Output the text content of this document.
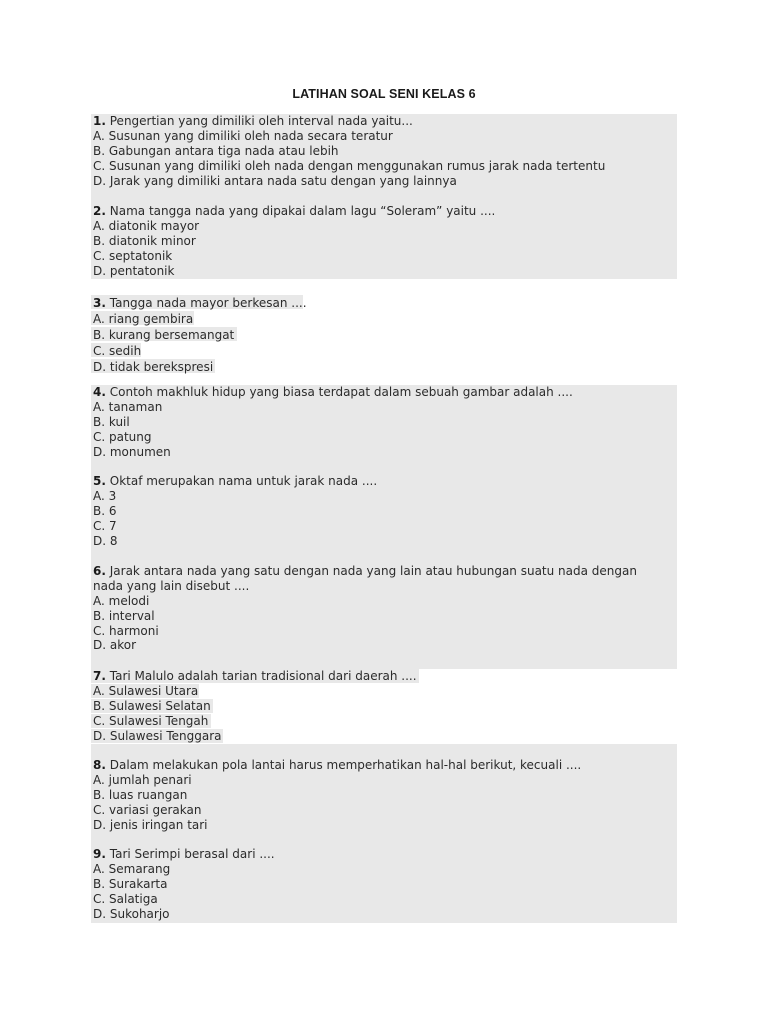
LATIHAN SOAL SENI KELAS 6
1. Pengertian yang dimiliki oleh interval nada yaitu...
A. Susunan yang dimiliki oleh nada secara teratur
B. Gabungan antara tiga nada atau lebih
C. Susunan yang dimiliki oleh nada dengan menggunakan rumus jarak nada tertentu
D. Jarak yang dimiliki antara nada satu dengan yang lainnya
2. Nama tangga nada yang dipakai dalam lagu “Soleram” yaitu ....
A. diatonik mayor
B. diatonik minor
C. septatonik
D. pentatonik
3. Tangga nada mayor berkesan ....
A. riang gembira
B. kurang bersemangat
C. sedih
D. tidak berekspresi
4. Contoh makhluk hidup yang biasa terdapat dalam sebuah gambar adalah ....
A. tanaman
B. kuil
C. patung
D. monumen
5. Oktaf merupakan nama untuk jarak nada ....
A. 3
B. 6
C. 7
D. 8
6. Jarak antara nada yang satu dengan nada yang lain atau hubungan suatu nada dengan
nada yang lain disebut ....
A. melodi
B. interval
C. harmoni
D. akor
7. Tari Malulo adalah tarian tradisional dari daerah ....
A. Sulawesi Utara
B. Sulawesi Selatan
C. Sulawesi Tengah
D. Sulawesi Tenggara
8. Dalam melakukan pola lantai harus memperhatikan hal-hal berikut, kecuali ....
A. jumlah penari
B. luas ruangan
C. variasi gerakan
D. jenis iringan tari
9. Tari Serimpi berasal dari ....
A. Semarang
B. Surakarta
C. Salatiga
D. Sukoharjo
